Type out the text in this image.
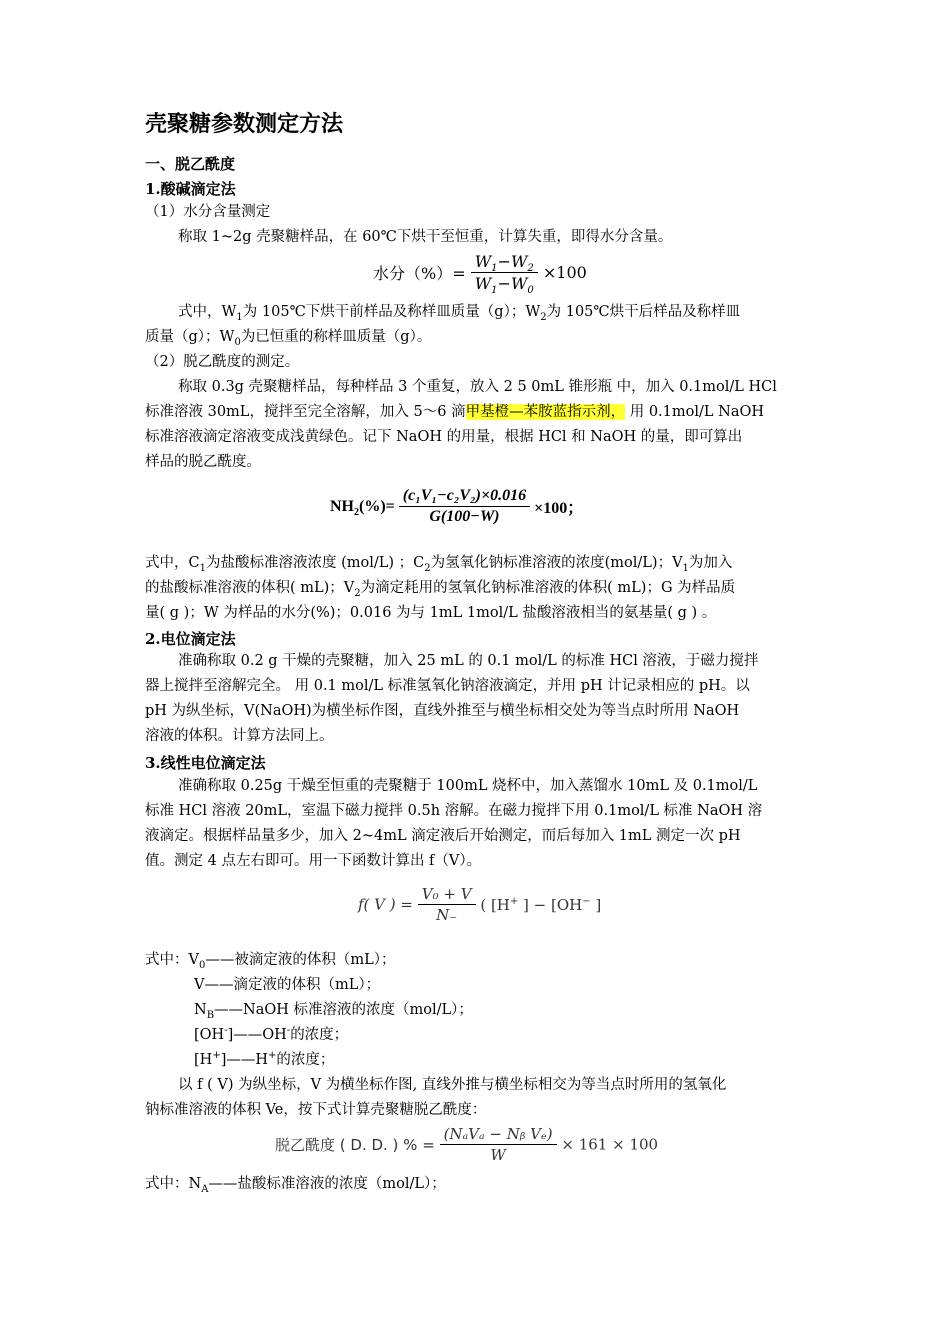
壳聚糖参数测定方法
一、脱乙酰度
1.酸碱滴定法
（1）水分含量测定
称取 1~2g 壳聚糖样品，在 60℃下烘干至恒重，计算失重，即得水分含量。
水分（%）= $\frac{W_1-W_2}{W_1-W_0} \times 100$
式中，$W_1$为 105℃下烘干前样品及称样皿质量（g）；$W_2$为 105℃烘干后样品及称样皿
质量（g）；$W_0$为已恒重的称样皿质量（g）。
（2）脱乙酰度的测定。
称取 0.3g 壳聚糖样品，每种样品 3 个重复，放入 2 5 0mL 锥形瓶 中，加入 0.1mol/L HCl
标准溶液 30mL，搅拌至完全溶解，加入 5～6 滴甲基橙—苯胺蓝指示剂， 用 0.1mol/L NaOH
标准溶液滴定溶液变成浅黄绿色。记下 NaOH 的用量，根据 HCl 和 NaOH 的量，即可算出
样品的脱乙酰度。
$NH_2(\%)= \frac{\text{(c₁V₁−c₂V₂)×0.016}}{G(100-W)} \times 100$；
式中，$C_1$为盐酸标准溶液浓度 (mol/L) ；$C_2$为氢氧化钠标准溶液的浓度(mol/L)；$V_1$为加入
的盐酸标准溶液的体积( mL)；$V_2$为滴定耗用的氢氧化钠标准溶液的体积( mL)；G 为样品质
量( g )；W 为样品的水分(%)；0.016 为与 1mL 1mol/L 盐酸溶液相当的氨基量( g ) 。
2.电位滴定法
准确称取 0.2 g 干燥的壳聚糖，加入 25 mL 的 0.1 mol/L 的标准 HCl 溶液，于磁力搅拌
器上搅拌至溶解完全。 用 0.1 mol/L 标准氢氧化钠溶液滴定，并用 pH 计记录相应的 pH。以
pH 为纵坐标，V(NaOH)为横坐标作图，直线外推至与横坐标相交处为等当点时所用 NaOH
溶液的体积。计算方法同上。
3.线性电位滴定法
准确称取 0.25g 干燥至恒重的壳聚糖于 100mL 烧杯中，加入蒸馏水 10mL 及 0.1mol/L
标准 HCl 溶液 20mL，室温下磁力搅拌 0.5h 溶解。在磁力搅拌下用 0.1mol/L 标准 NaOH 溶
液滴定。根据样品量多少，加入 2~4mL 滴定液后开始测定，而后每加入 1mL 测定一次 pH
值。测定 4 点左右即可。用一下函数计算出 f（V）。
f( V ) = $\frac{\text{V₀ + V}}{N_-}$ ( [H+ ] − [OH− ]
式中：$V_0——$被滴定液的体积（mL）；
V——滴定液的体积（mL）；
$N_B——NaOH$ 标准溶液的浓度（mol/L）；
[OH-]——OH-的浓度；
[H+]——H+的浓度；
以 f ( V) 为纵坐标，V 为横坐标作图, 直线外推与横坐标相交为等当点时所用的氢氧化
钠标准溶液的体积 Ve，按下式计算壳聚糖脱乙酰度：
脱乙酰度 ( D. D. ) % = $\frac{\text{(NₐVₐ − Nᵦ Vₑ)}}{W} \times 161 \times 100$
式中：$N_A——$盐酸标准溶液的浓度（mol/L）；
